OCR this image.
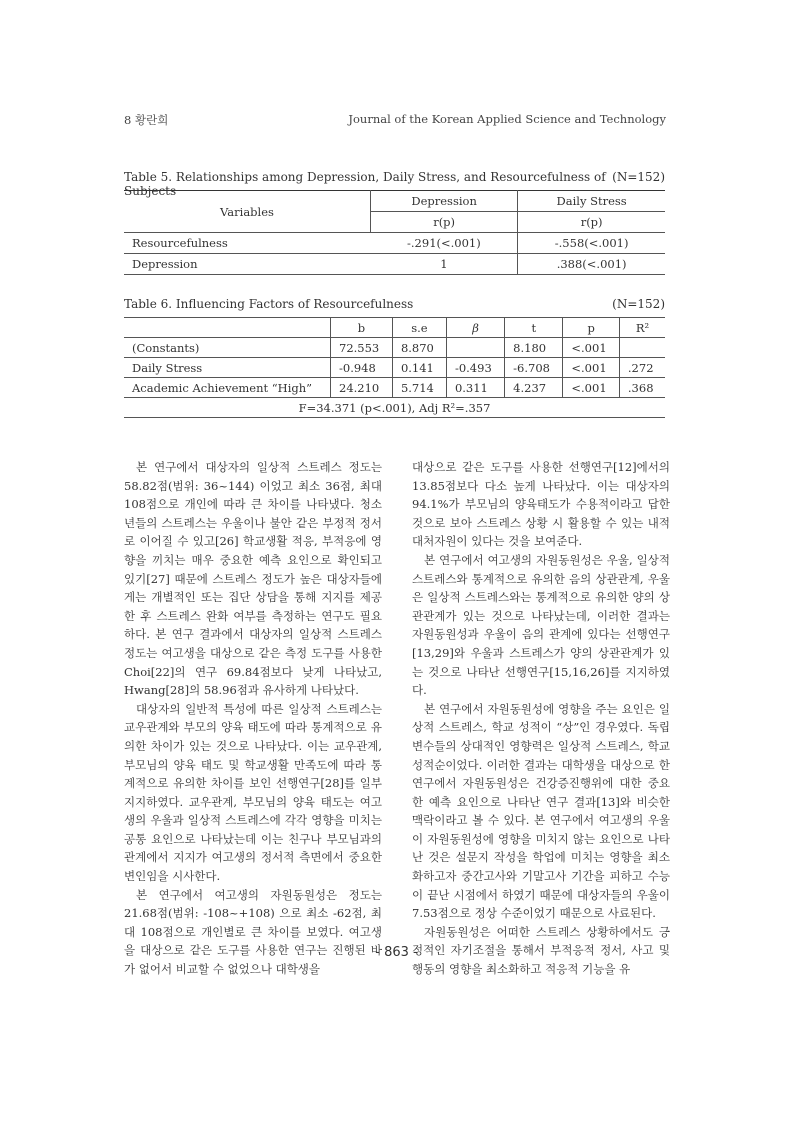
8 황란희	Journal of the Korean Applied Science and Technology
Table 5. Relationships among Depression, Daily Stress, and Resourcefulness of Subjects
(N=152)
Variables	Depression	Daily Stress
	r(p)	r(p)
Resourcefulness	-.291(<.001)	-.558(<.001)
Depression	1	.388(<.001)
Table 6. Influencing Factors of Resourcefulness	(N=152)
	b	s.e	β	t	p	R²
(Constants)	72.553	8.870		8.180	<.001	
Daily Stress	-0.948	0.141	-0.493	-6.708	<.001	.272
Academic Achievement “High”	24.210	5.714	0.311	4.237	<.001	.368
F=34.371 (p<.001), Adj R²=.357						

본 연구에서 대상자의 일상적 스트레스 정도는 58.82점(범위: 36~144) 이었고 최소 36점, 최대 108점으로 개인에 따라 큰 차이를 나타냈다. 청소년들의 스트레스는 우울이나 불안 같은 부정적 정서로 이어질 수 있고[26] 학교생활 적응, 부적응에 영향을 끼치는 매우 중요한 예측 요인으로 확인되고 있기[27] 때문에 스트레스 정도가 높은 대상자들에게는 개별적인 또는 집단 상담을 통해 지지를 제공한 후 스트레스 완화 여부를 측정하는 연구도 필요하다. 본 연구 결과에서 대상자의 일상적 스트레스 정도는 여고생을 대상으로 같은 측정 도구를 사용한 Choi[22]의 연구 69.84점보다 낮게 나타났고, Hwang[28]의 58.96점과 유사하게 나타났다.

대상자의 일반적 특성에 따른 일상적 스트레스는 교우관계와 부모의 양육 태도에 따라 통계적으로 유의한 차이가 있는 것으로 나타났다. 이는 교우관계, 부모님의 양육 태도 및 학교생활 만족도에 따라 통계적으로 유의한 차이를 보인 선행연구[28]를 일부 지지하였다. 교우관계, 부모님의 양육 태도는 여고생의 우울과 일상적 스트레스에 각각 영향을 미치는 공통 요인으로 나타났는데 이는 친구나 부모님과의 관계에서 지지가 여고생의 정서적 측면에서 중요한 변인임을 시사한다.

본 연구에서 여고생의 자원동원성은 정도는 21.68점(범위: -108~+108) 으로 최소 -62점, 최대 108점으로 개인별로 큰 차이를 보였다. 여고생을 대상으로 같은 도구를 사용한 연구는 진행된 바가 없어서 비교할 수 없었으나 대학생을

대상으로 같은 도구를 사용한 선행연구[12]에서의 13.85점보다 다소 높게 나타났다. 이는 대상자의 94.1%가 부모님의 양육태도가 수용적이라고 답한 것으로 보아 스트레스 상황 시 활용할 수 있는 내적 대처자원이 있다는 것을 보여준다.

본 연구에서 여고생의 자원동원성은 우울, 일상적 스트레스와 통계적으로 유의한 음의 상관관계, 우울은 일상적 스트레스와는 통계적으로 유의한 양의 상관관계가 있는 것으로 나타났는데, 이러한 결과는 자원동원성과 우울이 음의 관계에 있다는 선행연구[13,29]와 우울과 스트레스가 양의 상관관계가 있는 것으로 나타난 선행연구[15,16,26]를 지지하였다.

본 연구에서 자원동원성에 영향을 주는 요인은 일상적 스트레스, 학교 성적이 “상”인 경우였다. 독립변수들의 상대적인 영향력은 일상적 스트레스, 학교 성적순이었다. 이러한 결과는 대학생을 대상으로 한 연구에서 자원동원성은 건강증진행위에 대한 중요한 예측 요인으로 나타난 연구 결과[13]와 비슷한 맥락이라고 볼 수 있다. 본 연구에서 여고생의 우울이 자원동원성에 영향을 미치지 않는 요인으로 나타난 것은 설문지 작성을 학업에 미치는 영향을 최소화하고자 중간고사와 기말고사 기간을 피하고 수능이 끝난 시점에서 하였기 때문에 대상자들의 우울이 7.53점으로 정상 수준이었기 때문으로 사료된다.

자원동원성은 어떠한 스트레스 상황하에서도 긍정적인 자기조절을 통해서 부적응적 정서, 사고 및 행동의 영향을 최소화하고 적응적 기능을 유

- 863 -
